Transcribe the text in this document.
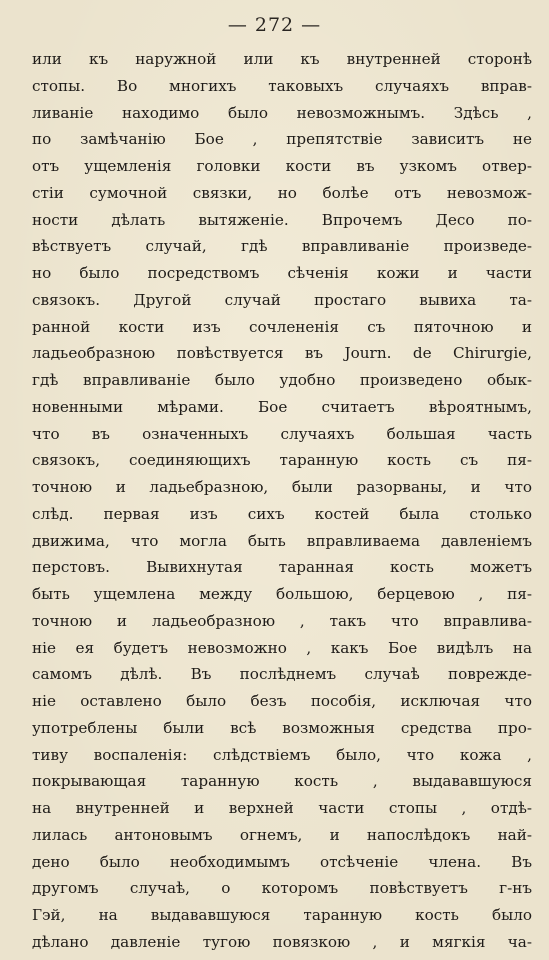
— 272 —
или къ наружной или къ внутренней сторонѣ
стопы. Во многихъ таковыхъ случаяхъ вправ-
ливаніе находимо было невозможнымъ. Здѣсь ,
по замѣчанію Бое , препятствіе зависитъ не
отъ ущемленія головки кости въ узкомъ отвер-
стіи сумочной связки, но болѣе отъ невозмож-
ности дѣлать вытяженіе. Впрочемъ Десо по-
вѣствуетъ случай, гдѣ вправливаніе произведе-
но было посредствомъ сѣченія кожи и части
связокъ. Другой случай простаго вывиха та-
ранной кости изъ сочлененія съ пяточною и
ладьеобразною повѣствуется въ Journ. de Chirurgie,
гдѣ вправливаніе было удобно произведено обык-
новенными мѣрами. Бое считаетъ вѣроятнымъ,
что въ означенныхъ случаяхъ большая часть
связокъ, соединяющихъ таранную кость съ пя-
точною и ладьебразною, были разорваны, и что
слѣд. первая изъ сихъ костей была столько
движима, что могла быть вправливаема давленіемъ
перстовъ. Вывихнутая таранная кость можетъ
быть ущемлена между большою, берцевою , пя-
точною и ладьеобразною , такъ что вправлива-
ніе ея будетъ невозможно , какъ Бое видѣлъ на
самомъ дѣлѣ. Въ послѣднемъ случаѣ поврежде-
ніе оставлено было безъ пособія, исключая что
употреблены были всѣ возможныя средства про-
тиву воспаленія: слѣдствіемъ было, что кожа ,
покрывающая таранную кость , выдававшуюся
на внутренней и верхней части стопы , отдѣ-
лилась антоновымъ огнемъ, и напослѣдокъ най-
дено было необходимымъ отсѣченіе члена. Въ
другомъ случаѣ, о которомъ повѣствуетъ г-нъ
Гэй, на выдававшуюся таранную кость было
дѣлано давленіе тугою повязкою , и мягкія ча-
